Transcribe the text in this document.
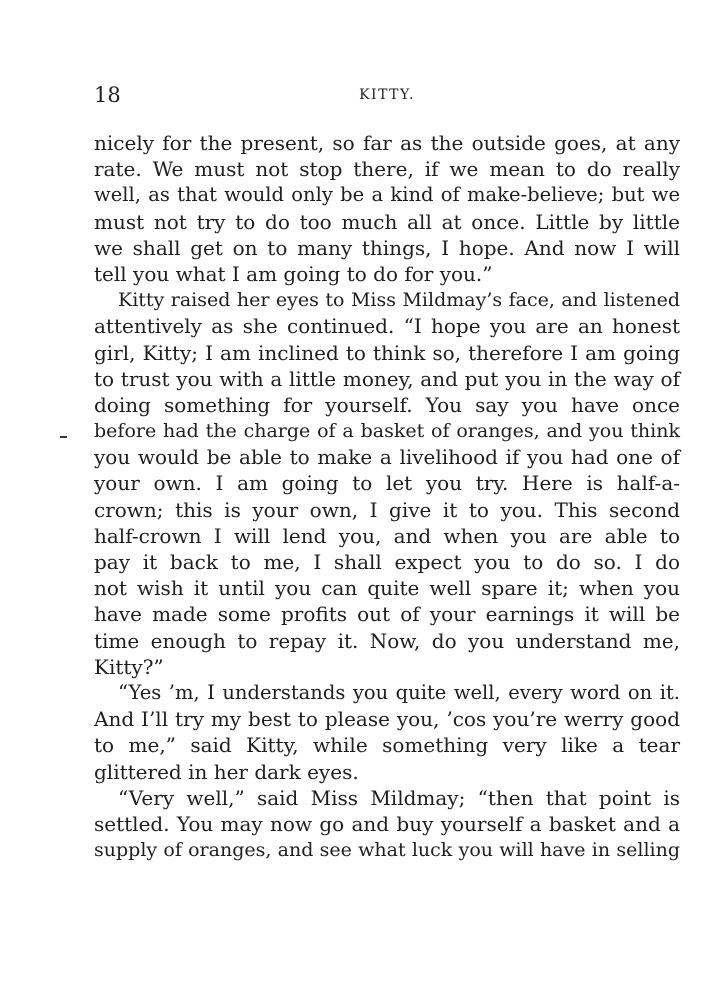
18	KITTY.
nicely for the present, so far as the outside goes, at any
rate. We must not stop there, if we mean to do really
well, as that would only be a kind of make-believe; but we
must not try to do too much all at once. Little by little
we shall get on to many things, I hope. And now I will
tell you what I am going to do for you.”
Kitty raised her eyes to Miss Mildmay’s face, and listened
attentively as she continued. “I hope you are an honest
girl, Kitty; I am inclined to think so, therefore I am going
to trust you with a little money, and put you in the way of
doing something for yourself. You say you have once
before had the charge of a basket of oranges, and you think
you would be able to make a livelihood if you had one of
your own. I am going to let you try. Here is half-a-
crown; this is your own, I give it to you. This second
half-crown I will lend you, and when you are able to
pay it back to me, I shall expect you to do so. I do
not wish it until you can quite well spare it; when you
have made some profits out of your earnings it will be
time enough to repay it. Now, do you understand me,
Kitty?”
“Yes ’m, I understands you quite well, every word on it.
And I’ll try my best to please you, ’cos you’re werry good
to me,” said Kitty, while something very like a tear
glittered in her dark eyes.
“Very well,” said Miss Mildmay; “then that point is
settled. You may now go and buy yourself a basket and a
supply of oranges, and see what luck you will have in selling
